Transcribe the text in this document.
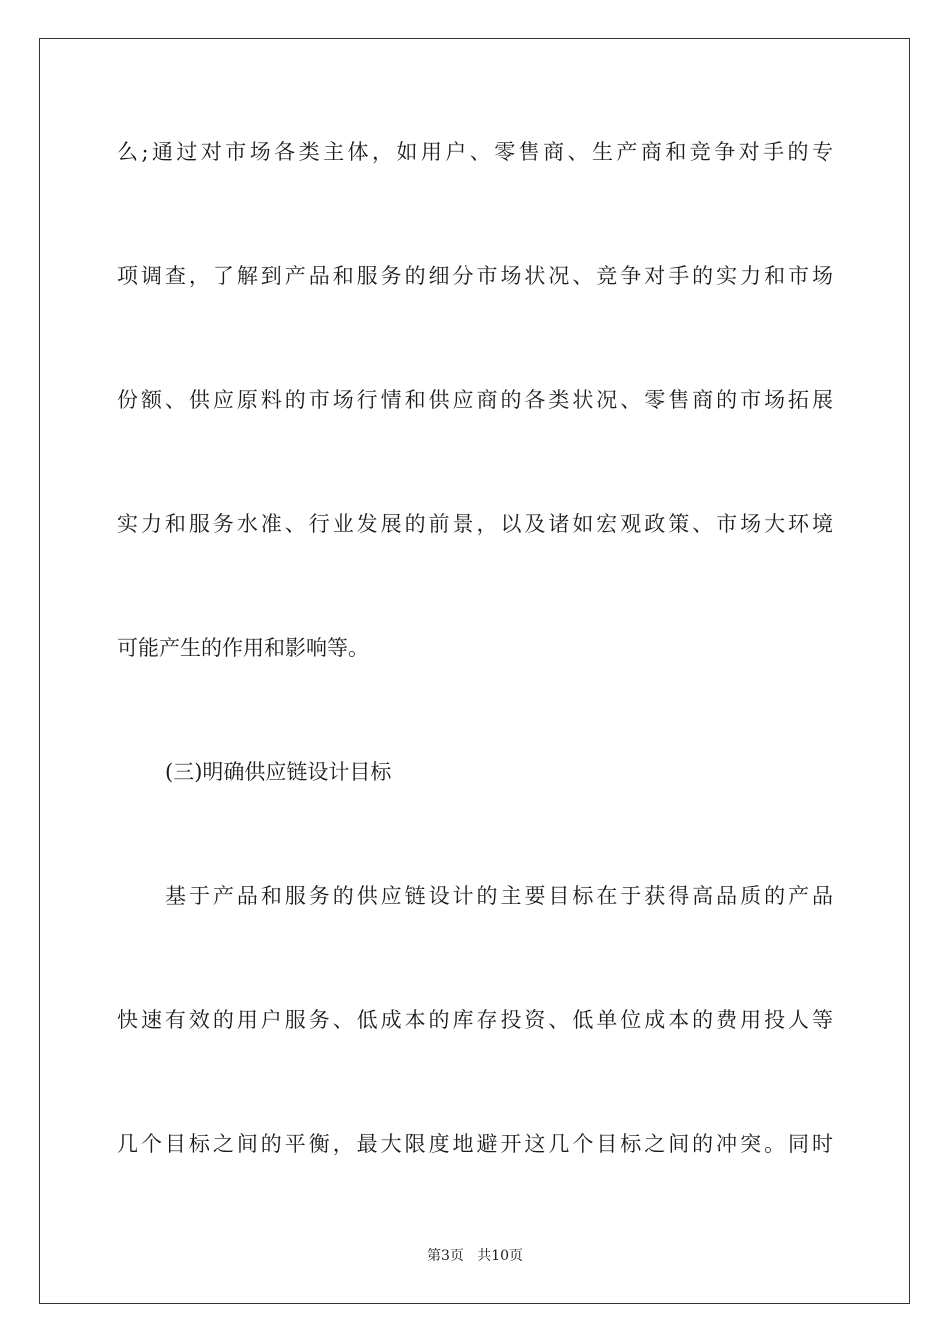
么;通过对市场各类主体，如用户、零售商、生产商和竞争对手的专
项调查，了解到产品和服务的细分市场状况、竞争对手的实力和市场
份额、供应原料的市场行情和供应商的各类状况、零售商的市场拓展
实力和服务水准、行业发展的前景，以及诸如宏观政策、市场大环境
可能产生的作用和影响等。
(三)明确供应链设计目标
基于产品和服务的供应链设计的主要目标在于获得高品质的产品
快速有效的用户服务、低成本的库存投资、低单位成本的费用投人等
几个目标之间的平衡，最大限度地避开这几个目标之间的冲突。同时
第3页   共10页
